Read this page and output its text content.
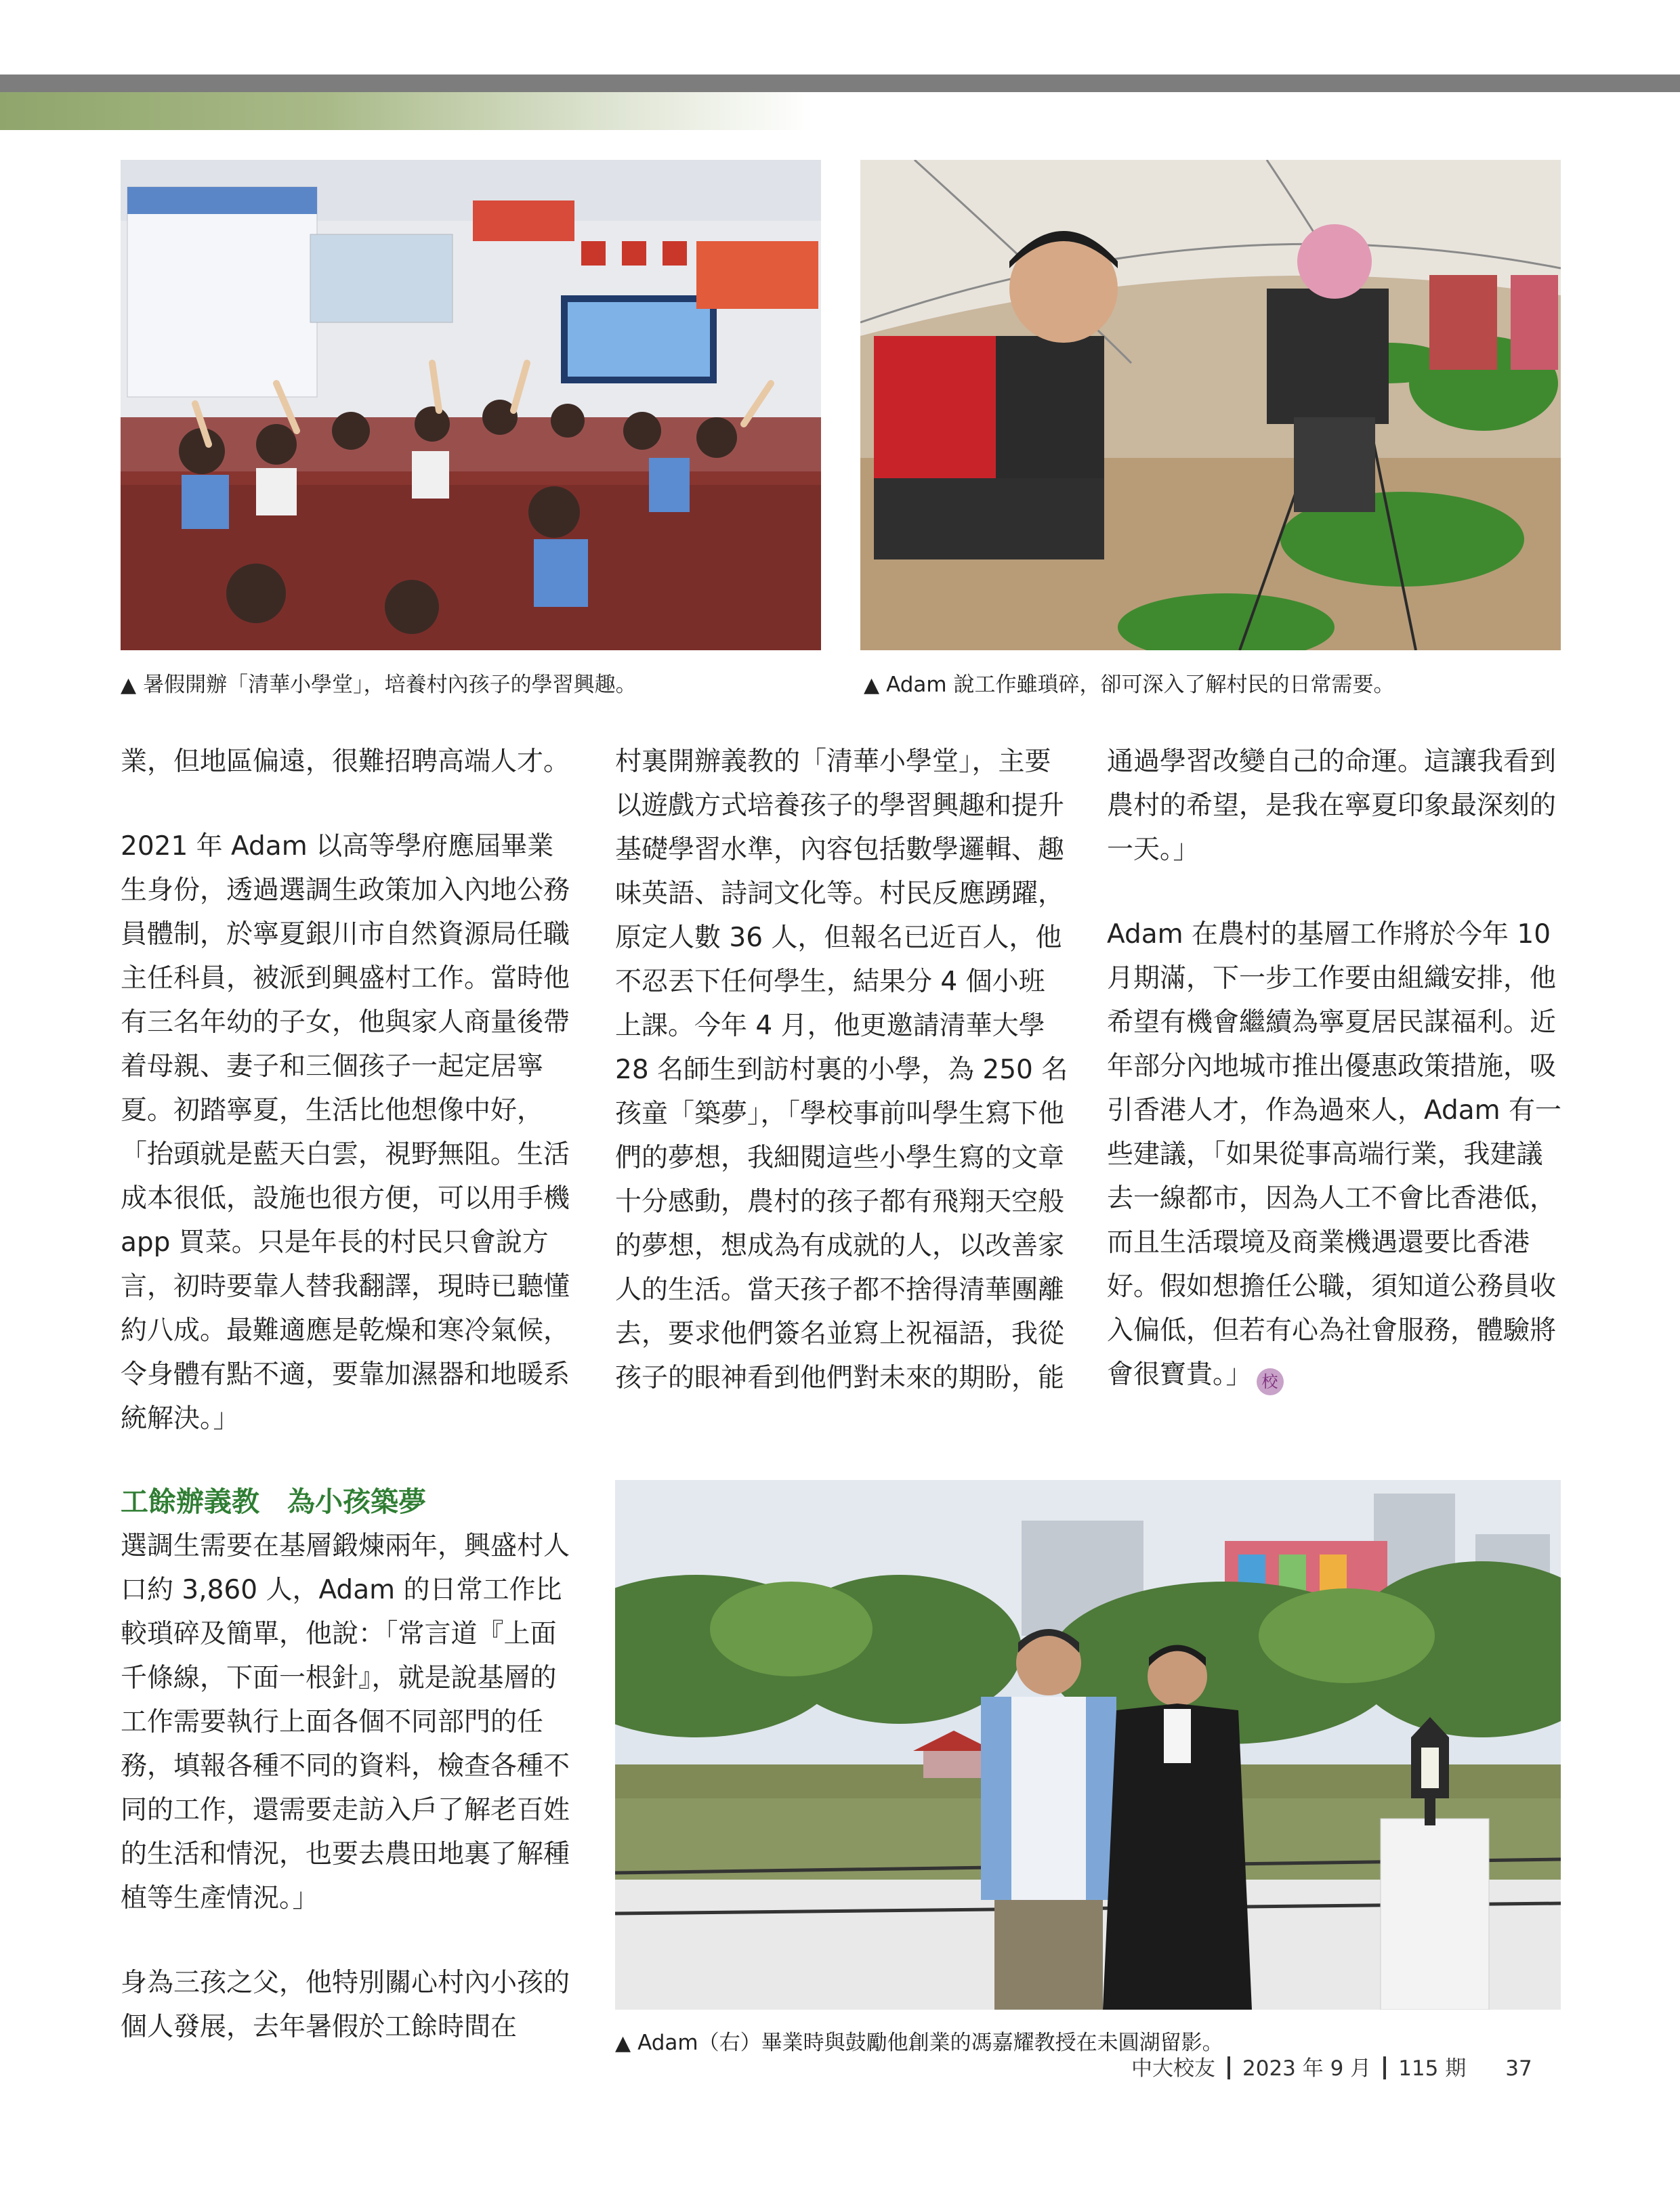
▲ 暑假開辦「清華小學堂」，培養村內孩子的學習興趣。	▲ Adam 說工作雖瑣碎，卻可深入了解村民的日常需要。

業，但地區偏遠，很難招聘高端人才。

2021 年 Adam 以高等學府應屆畢業生身份，透過選調生政策加入內地公務員體制，於寧夏銀川市自然資源局任職主任科員，被派到興盛村工作。當時他有三名年幼的子女，他與家人商量後帶着母親、妻子和三個孩子一起定居寧夏。初踏寧夏，生活比他想像中好，「抬頭就是藍天白雲，視野無阻。生活成本很低，設施也很方便，可以用手機 app 買菜。只是年長的村民只會說方言，初時要靠人替我翻譯，現時已聽懂約八成。最難適應是乾燥和寒冷氣候，令身體有點不適，要靠加濕器和地暖系統解決。」

工餘辦義教　為小孩築夢

選調生需要在基層鍛煉兩年，興盛村人口約 3,860 人，Adam 的日常工作比較瑣碎及簡單，他說：「常言道『上面千條線，下面一根針』，就是說基層的工作需要執行上面各個不同部門的任務，填報各種不同的資料，檢查各種不同的工作，還需要走訪入戶了解老百姓的生活和情況，也要去農田地裏了解種植等生產情況。」

身為三孩之父，他特別關心村內小孩的個人發展，去年暑假於工餘時間在

村裏開辦義教的「清華小學堂」，主要以遊戲方式培養孩子的學習興趣和提升基礎學習水準，內容包括數學邏輯、趣味英語、詩詞文化等。村民反應踴躍，原定人數 36 人，但報名已近百人，他不忍丟下任何學生，結果分 4 個小班上課。今年 4 月，他更邀請清華大學 28 名師生到訪村裏的小學，為 250 名孩童「築夢」，「學校事前叫學生寫下他們的夢想，我細閱這些小學生寫的文章十分感動，農村的孩子都有飛翔天空般的夢想，想成為有成就的人，以改善家人的生活。當天孩子都不捨得清華團離去，要求他們簽名並寫上祝福語，我從孩子的眼神看到他們對未來的期盼，能

通過學習改變自己的命運。這讓我看到農村的希望，是我在寧夏印象最深刻的一天。」

Adam 在農村的基層工作將於今年 10 月期滿，下一步工作要由組織安排，他希望有機會繼續為寧夏居民謀福利。近年部分內地城市推出優惠政策措施，吸引香港人才，作為過來人，Adam 有一些建議，「如果從事高端行業，我建議去一線都市，因為人工不會比香港低，而且生活環境及商業機遇還要比香港好。假如想擔任公職，須知道公務員收入偏低，但若有心為社會服務，體驗將會很寶貴。」 校

▲ Adam（右）畢業時與鼓勵他創業的馮嘉耀教授在未圓湖留影。
中大校友 2023 年 9 月 115 期 37
